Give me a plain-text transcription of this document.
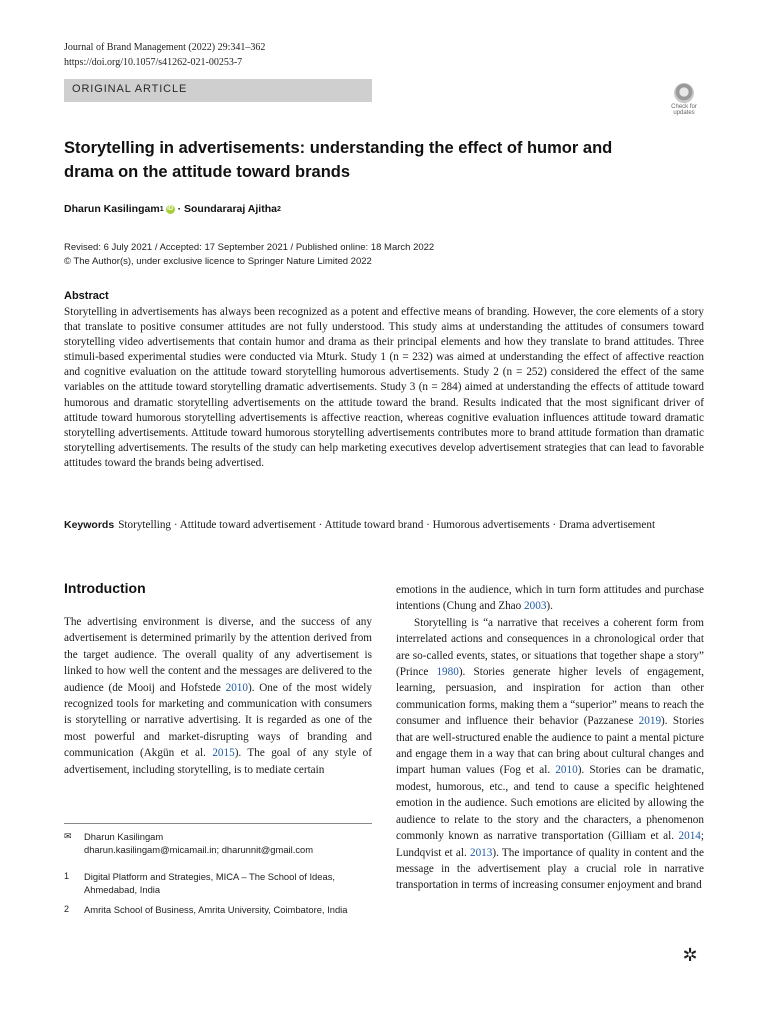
Journal of Brand Management (2022) 29:341–362
https://doi.org/10.1057/s41262-021-00253-7
ORIGINAL ARTICLE
Check for updates
Storytelling in advertisements: understanding the effect of humor and drama on the attitude toward brands
Dharun Kasilingam 1 iD · Soundararaj Ajitha 2
Revised: 6 July 2021 / Accepted: 17 September 2021 / Published online: 18 March 2022
© The Author(s), under exclusive licence to Springer Nature Limited 2022
Abstract
Storytelling in advertisements has always been recognized as a potent and effective means of branding. However, the core elements of a story that translate to positive consumer attitudes are not fully understood. This study aims at understanding the attitudes of consumers toward storytelling video advertisements that contain humor and drama as their principal elements and how they translate to brand attitudes. Three stimuli-based experimental studies were conducted via Mturk. Study 1 (n = 232) was aimed at understanding the effect of affective reaction and cognitive evaluation on the attitude toward storytelling humorous advertisements. Study 2 (n = 252) considered the effect of the same variables on the attitude toward storytelling dramatic advertisements. Study 3 (n = 284) aimed at understanding the effects of attitude toward humorous and dramatic storytelling advertisements on the attitude toward the brand. Results indicated that the most significant driver of attitude toward humorous storytelling advertisements is affective reaction, whereas cognitive evaluation influences attitude toward dramatic storytelling advertisements. Attitude toward humorous storytelling advertisements contributes more to brand attitude formation than dramatic storytelling advertisements. The results of the study can help marketing executives develop advertisement strategies that can lead to favorable attitudes toward the brands being advertised.
Keywords Storytelling · Attitude toward advertisement · Attitude toward brand · Humorous advertisements · Drama advertisement
Introduction

The advertising environment is diverse, and the success of any advertisement is determined primarily by the attention derived from the target audience. The overall quality of any advertisement is linked to how well the content and the messages are delivered to the audience (de Mooij and Hofstede 2010). One of the most widely recognized tools for marketing and communication with consumers is storytelling or narrative advertising. It is regarded as one of the most powerful and market-disrupting ways of branding and communication (Akgün et al. 2015). The goal of any style of advertisement, including storytelling, is to mediate certain

emotions in the audience, which in turn form attitudes and purchase intentions (Chung and Zhao 2003).

Storytelling is “a narrative that receives a coherent form from interrelated actions and consequences in a chronological order that are so-called events, states, or situations that together shape a story” (Prince 1980). Stories generate higher levels of engagement, learning, persuasion, and inspiration for action than other communication forms, making them a “superior” means to reach the consumer and influence their behavior (Pazzanese 2019). Stories that are well-structured enable the audience to paint a mental picture and engage them in a way that can bring about cultural changes and impart human values (Fog et al. 2010). Stories can be dramatic, modest, humorous, etc., and tend to cause a specific heightened emotion in the audience. Such emotions are elicited by allowing the audience to relate to the story and the characters, a phenomenon commonly known as narrative transportation (Gilliam et al. 2014; Lundqvist et al. 2013). The importance of quality in content and the message in the advertisement play a crucial role in narrative transportation in terms of increasing consumer enjoyment and brand

✉ Dharun Kasilingam
dharun.kasilingam@micamail.in; dharunnit@gmail.com
1 Digital Platform and Strategies, MICA – The School of Ideas, Ahmedabad, India
2 Amrita School of Business, Amrita University, Coimbatore, India
✲
